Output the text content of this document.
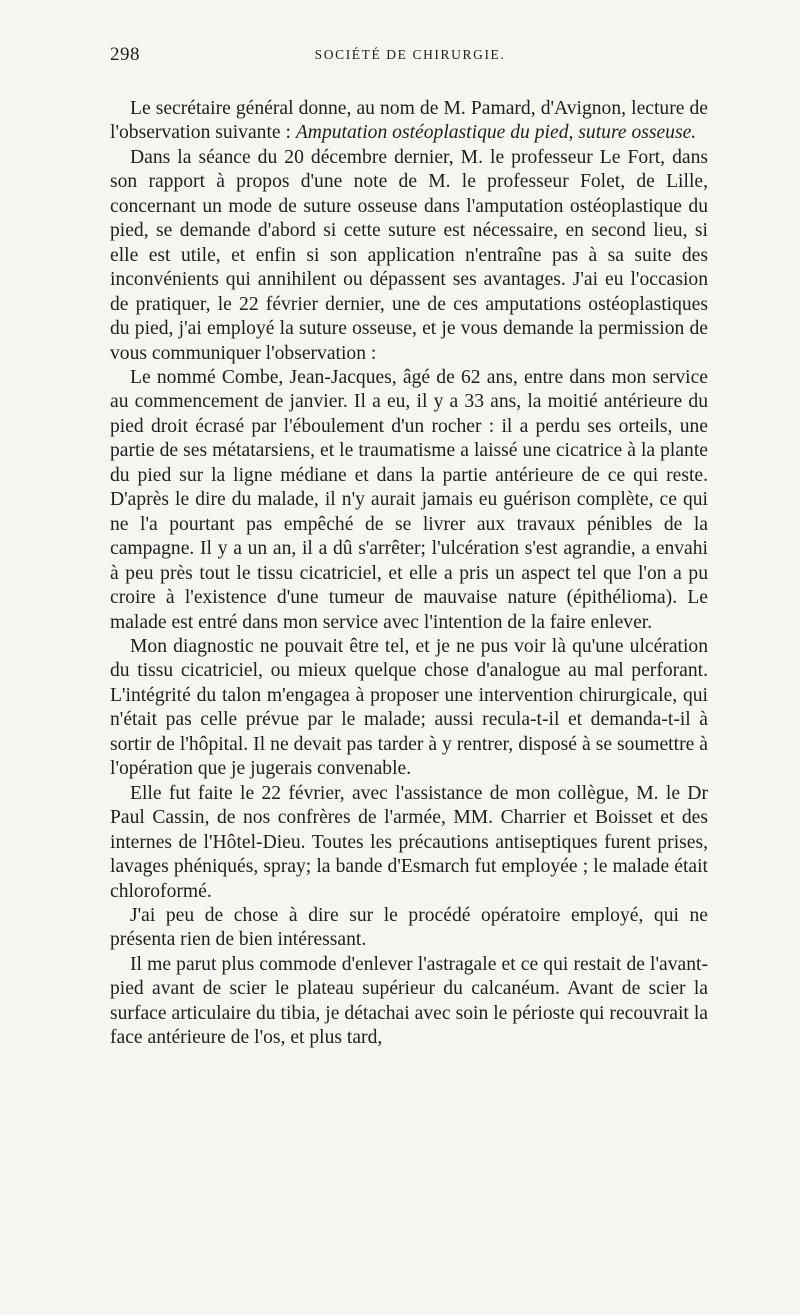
298	SOCIÉTÉ DE CHIRURGIE.

Le secrétaire général donne, au nom de M. Pamard, d'Avignon, lecture de l'observation suivante : Amputation ostéoplastique du pied, suture osseuse.

Dans la séance du 20 décembre dernier, M. le professeur Le Fort, dans son rapport à propos d'une note de M. le professeur Folet, de Lille, concernant un mode de suture osseuse dans l'amputation ostéoplastique du pied, se demande d'abord si cette suture est nécessaire, en second lieu, si elle est utile, et enfin si son application n'entraîne pas à sa suite des inconvénients qui annihilent ou dépassent ses avantages. J'ai eu l'occasion de pratiquer, le 22 février dernier, une de ces amputations ostéoplastiques du pied, j'ai employé la suture osseuse, et je vous demande la permission de vous communiquer l'observation :

Le nommé Combe, Jean-Jacques, âgé de 62 ans, entre dans mon service au commencement de janvier. Il a eu, il y a 33 ans, la moitié antérieure du pied droit écrasé par l'éboulement d'un rocher : il a perdu ses orteils, une partie de ses métatarsiens, et le traumatisme a laissé une cicatrice à la plante du pied sur la ligne médiane et dans la partie antérieure de ce qui reste. D'après le dire du malade, il n'y aurait jamais eu guérison complète, ce qui ne l'a pourtant pas empêché de se livrer aux travaux pénibles de la campagne. Il y a un an, il a dû s'arrêter; l'ulcération s'est agrandie, a envahi à peu près tout le tissu cicatriciel, et elle a pris un aspect tel que l'on a pu croire à l'existence d'une tumeur de mauvaise nature (épithélioma). Le malade est entré dans mon service avec l'intention de la faire enlever.

Mon diagnostic ne pouvait être tel, et je ne pus voir là qu'une ulcération du tissu cicatriciel, ou mieux quelque chose d'analogue au mal perforant. L'intégrité du talon m'engagea à proposer une intervention chirurgicale, qui n'était pas celle prévue par le malade; aussi recula-t-il et demanda-t-il à sortir de l'hôpital. Il ne devait pas tarder à y rentrer, disposé à se soumettre à l'opération que je jugerais convenable.

Elle fut faite le 22 février, avec l'assistance de mon collègue, M. le Dr Paul Cassin, de nos confrères de l'armée, MM. Charrier et Boisset et des internes de l'Hôtel-Dieu. Toutes les précautions antiseptiques furent prises, lavages phéniqués, spray; la bande d'Esmarch fut employée ; le malade était chloroformé.

J'ai peu de chose à dire sur le procédé opératoire employé, qui ne présenta rien de bien intéressant.

Il me parut plus commode d'enlever l'astragale et ce qui restait de l'avant-pied avant de scier le plateau supérieur du calcanéum. Avant de scier la surface articulaire du tibia, je détachai avec soin le périoste qui recouvrait la face antérieure de l'os, et plus tard,
